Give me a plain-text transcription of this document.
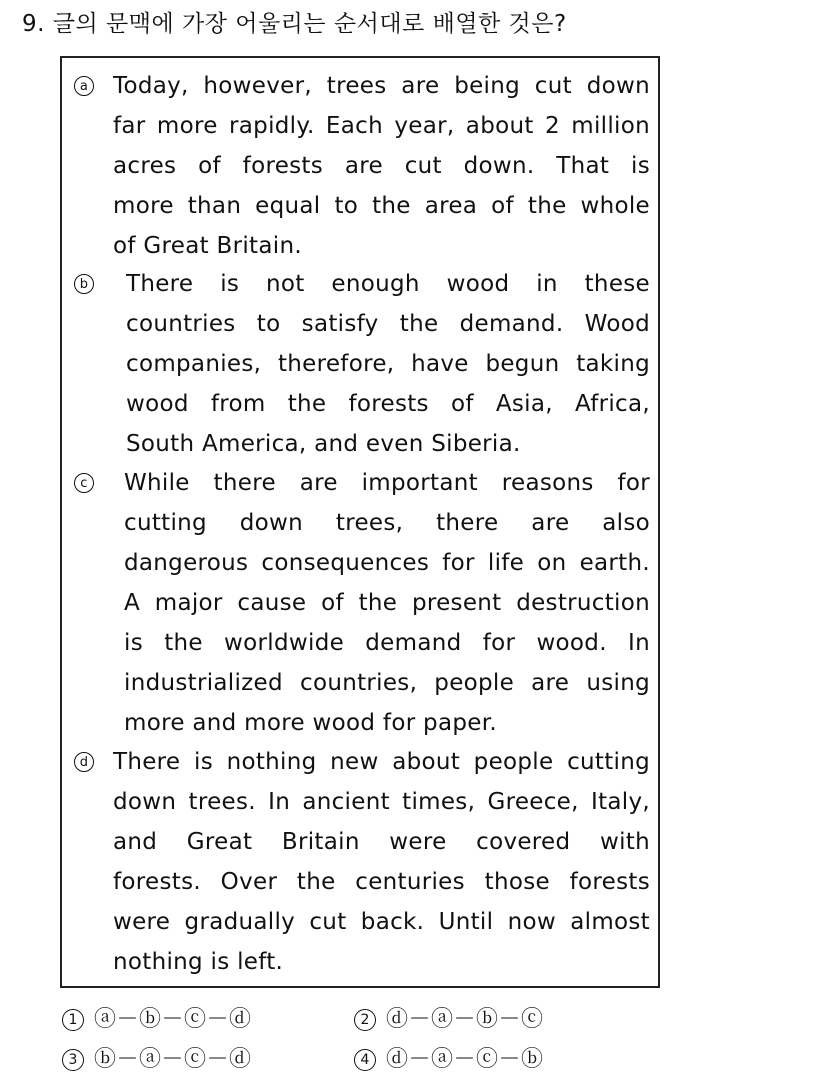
9. 글의 문맥에 가장 어울리는 순서대로 배열한 것은?
a Today, however, trees are being cut down
far more rapidly. Each year, about 2 million
acres of forests are cut down. That is
more than equal to the area of the whole
of Great Britain.
b There is not enough wood in these
countries to satisfy the demand. Wood
companies, therefore, have begun taking
wood from the forests of Asia, Africa,
South America, and even Siberia.
c While there are important reasons for
cutting down trees, there are also
dangerous consequences for life on earth.
A major cause of the present destruction
is the worldwide demand for wood. In
industrialized countries, people are using
more and more wood for paper.
d There is nothing new about people cutting
down trees. In ancient times, Greece, Italy,
and Great Britain were covered with
forests. Over the centuries those forests
were gradually cut back. Until now almost
nothing is left.
1 ⓐ－ⓑ－ⓒ－ⓓ	2 ⓓ－ⓐ－ⓑ－ⓒ
3 ⓑ－ⓐ－ⓒ－ⓓ	4 ⓓ－ⓐ－ⓒ－ⓑ
